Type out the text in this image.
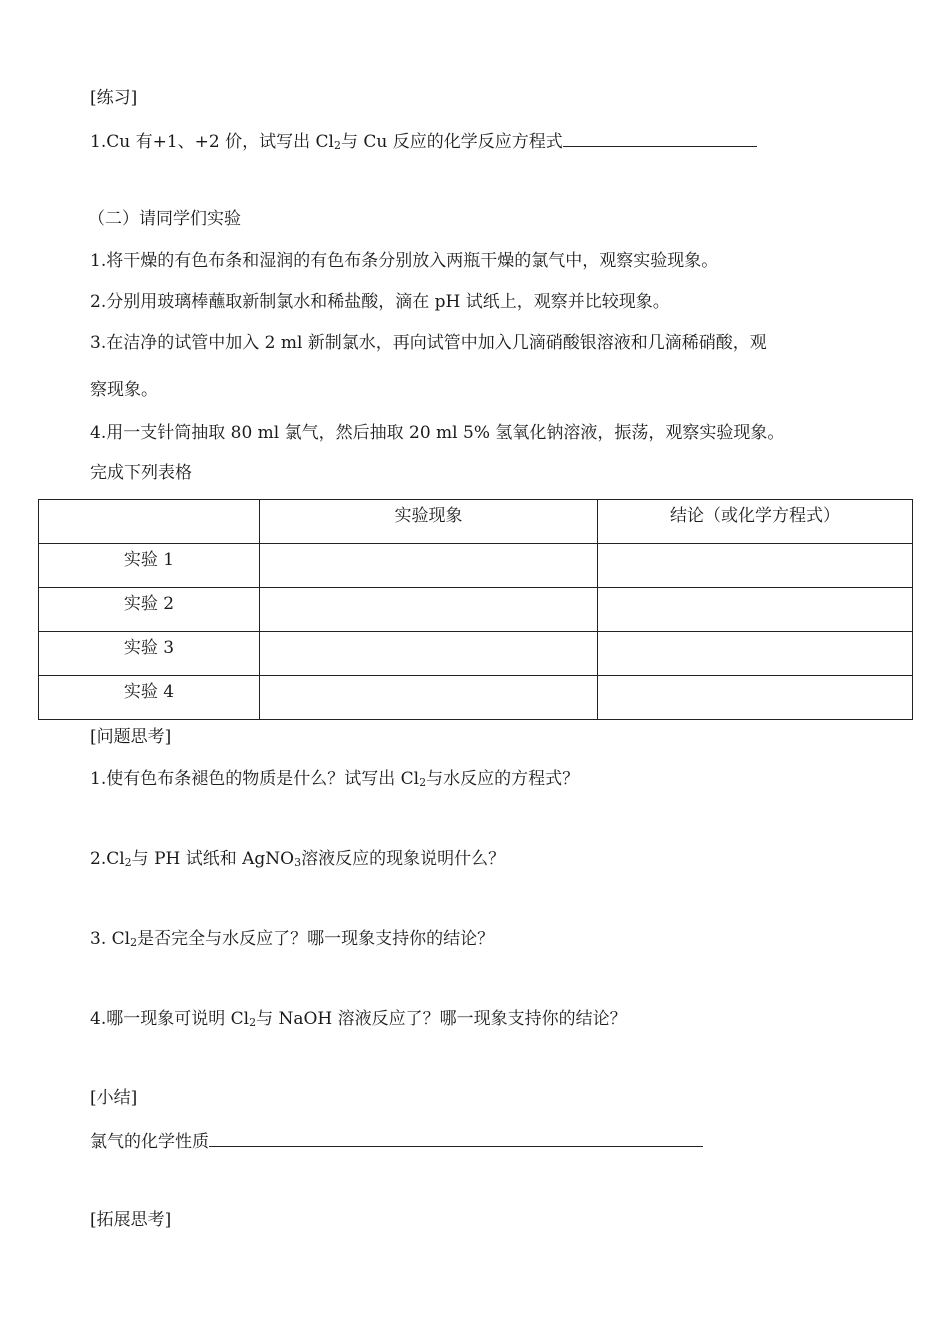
[练习]
1.Cu 有+1、+2 价，试写出 $Cl_2$与 Cu 反应的化学反应方程式
（二）请同学们实验
1.将干燥的有色布条和湿润的有色布条分别放入两瓶干燥的氯气中，观察实验现象。
2.分别用玻璃棒蘸取新制氯水和稀盐酸，滴在 pH 试纸上，观察并比较现象。
3.在洁净的试管中加入 2 ml 新制氯水，再向试管中加入几滴硝酸银溶液和几滴稀硝酸，观
察现象。
4.用一支针筒抽取 80 ml 氯气，然后抽取 20 ml 5% 氢氧化钠溶液，振荡，观察实验现象。
完成下列表格
	实验现象	结论（或化学方程式）
实验 1		
实验 2		
实验 3		
实验 4		
[问题思考]
1.使有色布条褪色的物质是什么？试写出 $Cl_2$与水反应的方程式？
$2.Cl_2$与 PH 试纸和 AgNO$_3$溶液反应的现象说明什么？
3. $Cl_2$是否完全与水反应了？哪一现象支持你的结论？
4.哪一现象可说明 $Cl_2$与 NaOH 溶液反应了？哪一现象支持你的结论？
[小结]
氯气的化学性质
[拓展思考]
